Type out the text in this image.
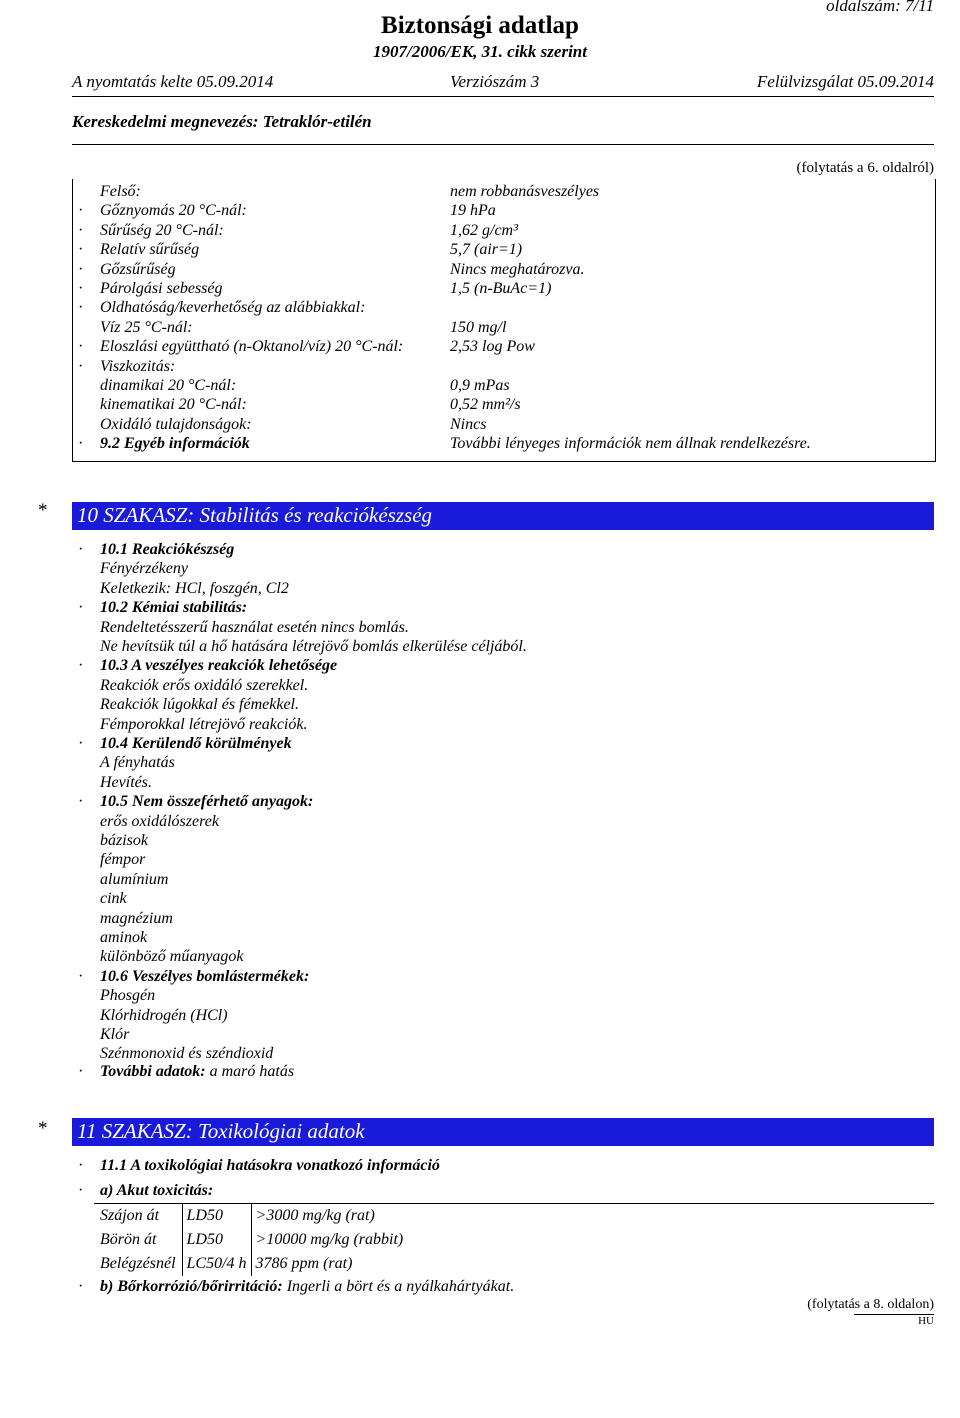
oldalszám: 7/11
Biztonsági adatlap
1907/2006/EK, 31. cikk szerint
A nyomtatás kelte 05.09.2014	Verziószám 3	Felülvizsgálat 05.09.2014
Kereskedelmi megnevezés: Tetraklór-etilén
(folytatás a 6. oldalról)
Felső:	nem robbanásveszélyes
· Gőznyomás 20 °C-nál:	19 hPa
· Sűrűség 20 °C-nál:	1,62 g/cm³
· Relatív sűrűség	5,7 (air=1)
· Gőzsűrűség	Nincs meghatározva.
· Párolgási sebesség	1,5 (n-BuAc=1)
· Oldhatóság/keverhetőség az alábbiakkal:
Víz 25 °C-nál:	150 mg/l
· Eloszlási együttható (n-Oktanol/víz) 20 °C-nál:	2,53 log Pow
· Viszkozitás:
dinamikai 20 °C-nál:	0,9 mPas
kinematikai 20 °C-nál:	0,52 mm²/s
Oxidáló tulajdonságok:	Nincs
· 9.2 Egyéb információk	További lényeges információk nem állnak rendelkezésre.
* 10 SZAKASZ: Stabilitás és reakciókészség
· 10.1 Reakciókészség
Fényérzékeny
Keletkezik: HCl, foszgén, Cl2
· 10.2 Kémiai stabilitás:
Rendeltetésszerű használat esetén nincs bomlás.
Ne hevítsük túl a hő hatására létrejövő bomlás elkerülése céljából.
· 10.3 A veszélyes reakciók lehetősége
Reakciók erős oxidáló szerekkel.
Reakciók lúgokkal és fémekkel.
Fémporokkal létrejövő reakciók.
· 10.4 Kerülendő körülmények
A fényhatás
Hevítés.
· 10.5 Nem összeférhető anyagok:
erős oxidálószerek
bázisok
fémpor
alumínium
cink
magnézium
aminok
különböző műanyagok
· 10.6 Veszélyes bomlástermékek:
Phosgén
Klórhidrogén (HCl)
Klór
Szénmonoxid és széndioxid
· További adatok: a maró hatás
* 11 SZAKASZ: Toxikológiai adatok
· 11.1 A toxikológiai hatásokra vonatkozó információ
· a) Akut toxicitás:
Szájon át	LD50	>3000 mg/kg (rat)
Börön át	LD50	>10000 mg/kg (rabbit)
Belégzésnél	LC50/4 h	3786 ppm (rat)
· b) Bőrkorrózió/bőrirritáció: Ingerli a bört és a nyálkahártyákat.
(folytatás a 8. oldalon)
HU
